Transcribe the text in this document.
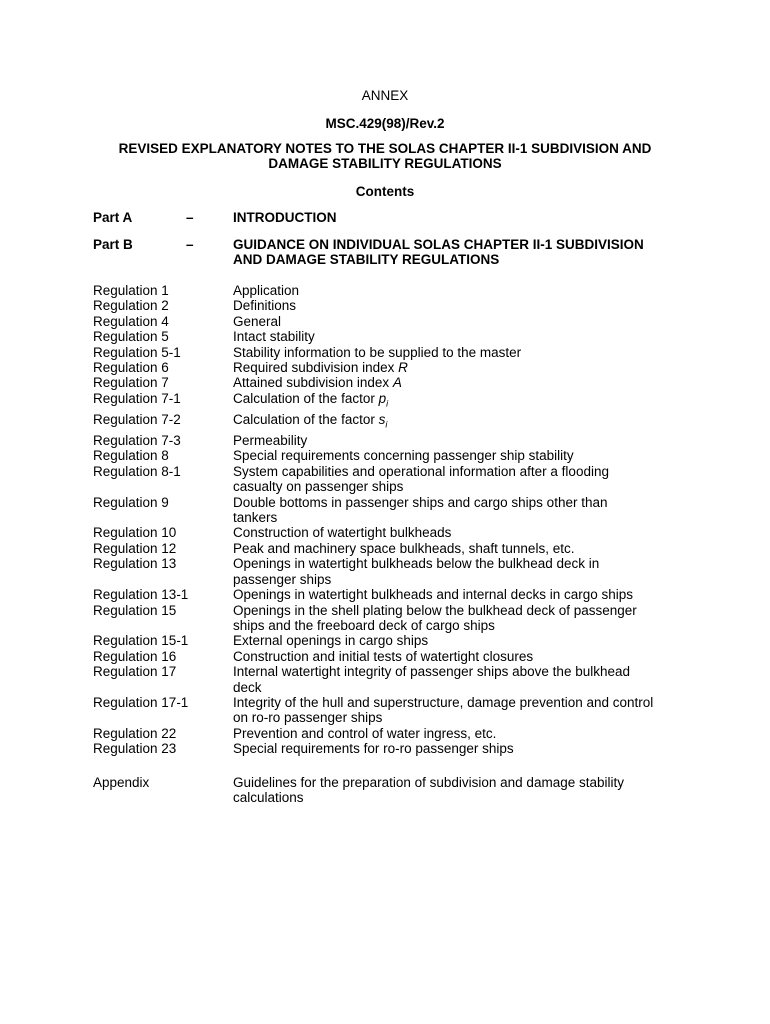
ANNEX
MSC.429(98)/Rev.2
REVISED EXPLANATORY NOTES TO THE SOLAS CHAPTER II-1 SUBDIVISION AND
DAMAGE STABILITY REGULATIONS
Contents
Part A	–	INTRODUCTION
Part B	–	GUIDANCE ON INDIVIDUAL SOLAS CHAPTER II-1 SUBDIVISION
AND DAMAGE STABILITY REGULATIONS
Regulation 1	Application
Regulation 2	Definitions
Regulation 4	General
Regulation 5	Intact stability
Regulation 5-1	Stability information to be supplied to the master
Regulation 6	Required subdivision index R
Regulation 7	Attained subdivision index A
Regulation 7-1	Calculation of the factor $p_i$
Regulation 7-2	Calculation of the factor $s_i$
Regulation 7-3	Permeability
Regulation 8	Special requirements concerning passenger ship stability
Regulation 8-1	System capabilities and operational information after a flooding
casualty on passenger ships
Regulation 9	Double bottoms in passenger ships and cargo ships other than
tankers
Regulation 10	Construction of watertight bulkheads
Regulation 12	Peak and machinery space bulkheads, shaft tunnels, etc.
Regulation 13	Openings in watertight bulkheads below the bulkhead deck in
passenger ships
Regulation 13-1	Openings in watertight bulkheads and internal decks in cargo ships
Regulation 15	Openings in the shell plating below the bulkhead deck of passenger
ships and the freeboard deck of cargo ships
Regulation 15-1	External openings in cargo ships
Regulation 16	Construction and initial tests of watertight closures
Regulation 17	Internal watertight integrity of passenger ships above the bulkhead
deck
Regulation 17-1	Integrity of the hull and superstructure, damage prevention and control
on ro-ro passenger ships
Regulation 22	Prevention and control of water ingress, etc.
Regulation 23	Special requirements for ro-ro passenger ships
Appendix	Guidelines for the preparation of subdivision and damage stability
calculations
